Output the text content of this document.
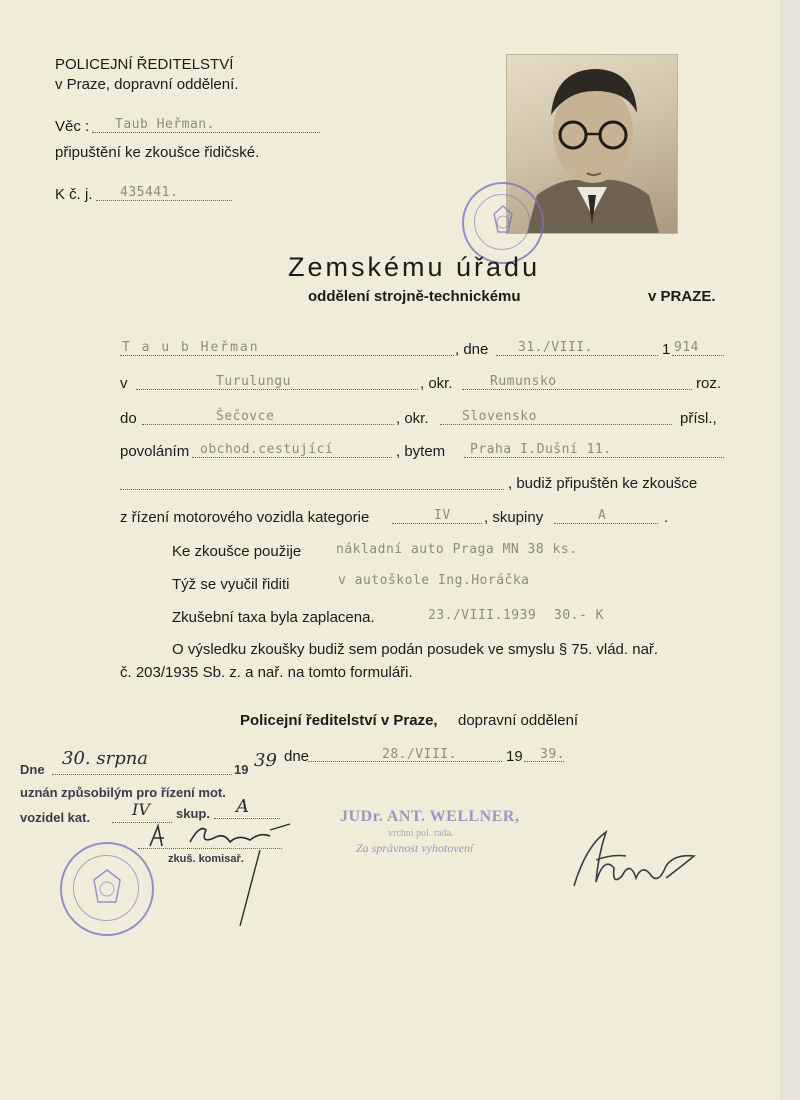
POLICEJNÍ ŘEDITELSTVÍ
v Praze, dopravní oddělení.
Věc : Taub Heřman.
připuštění ke zkoušce řidičské.
K č. j. 435441.
Zemskému úřadu
oddělení strojně-technickému	v PRAZE.
T a u b Heřman	, dne 31./VIII.	1 914
v	Turulungu	, okr.	Rumunsko	roz.
do	Šečovce	, okr.	Slovensko	přísl.,
povoláním obchod.cestující	, bytem Praha I.Dušní 11.
, budiž připuštěn ke zkoušce
z řízení motorového vozidla kategorie	IV , skupiny	A	.
Ke zkoušce použije	nákladní auto Praga MN 38 ks.
Týž se vyučil řiditi	v autoškole Ing.Horáčka
Zkušební taxa byla zaplacena.	23./VIII.1939 30.- K
O výsledku zkoušky budiž sem podán posudek ve smyslu § 75. vlád. nař.
č. 203/1935 Sb. z. a nař. na tomto formuláři.
Policejní ředitelství v Praze, dopravní oddělení
dne	28./VIII.	19 39.
JUDr. ANT. WELLNER,
vrchní pol. rada.
Za správnost vyhotovení
Dne
30. srpna
19 39
uznán způsobilým pro řízení mot.
vozidel kat.	IV skup. A
zkuš. komisař.
